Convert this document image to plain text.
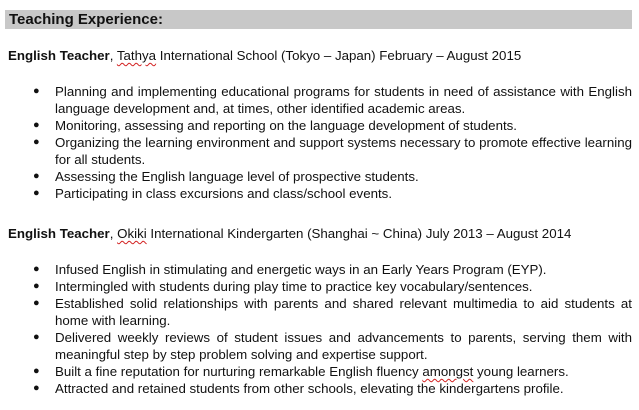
Teaching Experience:
English Teacher, Tathya International School (Tokyo – Japan) February – August 2015
● Planning and implementing educational programs for students in need of assistance with English language development and, at times, other identified academic areas.
● Monitoring, assessing and reporting on the language development of students.
● Organizing the learning environment and support systems necessary to promote effective learning for all students.
● Assessing the English language level of prospective students.
● Participating in class excursions and class/school events.
English Teacher, Okiki International Kindergarten (Shanghai ~ China) July 2013 – August 2014
● Infused English in stimulating and energetic ways in an Early Years Program (EYP).
● Intermingled with students during play time to practice key vocabulary/sentences.
● Established solid relationships with parents and shared relevant multimedia to aid students at home with learning.
● Delivered weekly reviews of student issues and advancements to parents, serving them with meaningful step by step problem solving and expertise support.
● Built a fine reputation for nurturing remarkable English fluency amongst young learners.
● Attracted and retained students from other schools, elevating the kindergartens profile.
